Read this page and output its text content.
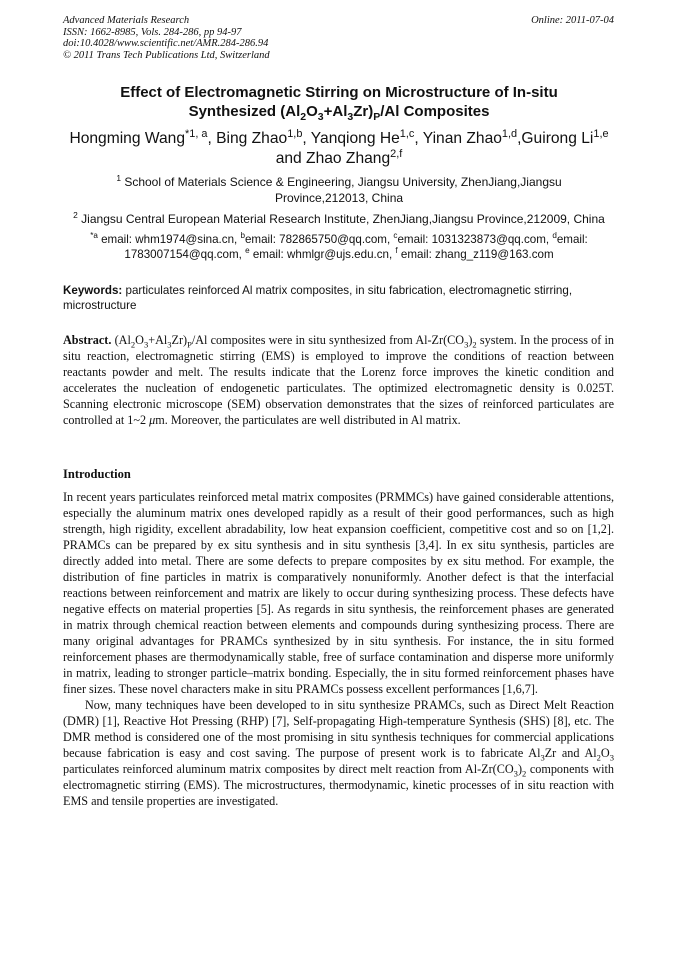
Advanced Materials Research
ISSN: 1662-8985, Vols. 284-286, pp 94-97
doi:10.4028/www.scientific.net/AMR.284-286.94
© 2011 Trans Tech Publications Ltd, Switzerland
Online: 2011-07-04
Effect of Electromagnetic Stirring on Microstructure of In-situ
Synthesized $(Al_2O_3+Al_3Zr)_P/Al$ Composites
Hongming Wang$^{*1, a}$, Bing Zhao$^{1,b}$, Yanqiong He$^{1,c}$, Yinan Zhao$^{1,d}$,Guirong Li$^{1,e}$
and Zhao Zhang$^{2,f}$
$^1$ School of Materials Science & Engineering, Jiangsu University, ZhenJiang,Jiangsu
Province,212013, China
$^2$ Jiangsu Central European Material Research Institute, ZhenJiang,Jiangsu Province,212009, China
$^{*a}$ email: whm1974@sina.cn, $^b$email: 782865750@qq.com, $^c$email: 1031323873@qq.com, $^d$email:
1783007154@qq.com, $^e$ email: whmlgr@ujs.edu.cn, $^f$ email: zhang_z119@163.com
Keywords: particulates reinforced Al matrix composites, in situ fabrication, electromagnetic stirring, microstructure
Abstract. $(Al_2O_3+Al_3Zr)_P/Al$ composites were in situ synthesized from $Al-Zr(CO_3)_2$ system. In the process of in situ reaction, electromagnetic stirring (EMS) is employed to improve the conditions of reaction between reactants powder and melt. The results indicate that the Lorenz force improves the kinetic condition and accelerates the nucleation of endogenetic particulates. The optimized electromagnetic density is 0.025T. Scanning electronic microscope (SEM) observation demonstrates that the sizes of reinforced particulates are controlled at 1~2 μm. Moreover, the particulates are well distributed in Al matrix.
Introduction

In recent years particulates reinforced metal matrix composites (PRMMCs) have gained considerable attentions, especially the aluminum matrix ones developed rapidly as a result of their good performances, such as high strength, high rigidity, excellent abradability, low heat expansion coefficient, competitive cost and so on [1,2]. PRAMCs can be prepared by ex situ synthesis and in situ synthesis [3,4]. In ex situ synthesis, particles are directly added into metal. There are some defects to prepare composites by ex situ method. For example, the distribution of fine particles in matrix is comparatively nonuniformly. Another defect is that the interfacial reactions between reinforcement and matrix are likely to occur during synthesizing process. These defects have negative effects on material properties [5]. As regards in situ synthesis, the reinforcement phases are generated in matrix through chemical reaction between elements and compounds during synthesizing process. There are many original advantages for PRAMCs synthesized by in situ synthesis. For instance, the in situ formed reinforcement phases are thermodynamically stable, free of surface contamination and disperse more uniformly in matrix, leading to stronger particle–matrix bonding. Especially, the in situ formed reinforcement phases have finer sizes. These novel characters make in situ PRAMCs possess excellent performances [1,6,7].

Now, many techniques have been developed to in situ synthesize PRAMCs, such as Direct Melt Reaction (DMR) [1], Reactive Hot Pressing (RHP) [7], Self-propagating High-temperature Synthesis (SHS) [8], etc. The DMR method is considered one of the most promising in situ synthesis techniques for commercial applications because fabrication is easy and cost saving. The purpose of present work is to fabricate $Al_3Zr$ and $Al_2O_3$ particulates reinforced aluminum matrix composites by direct melt reaction from $Al-Zr(CO_3)_2$ components with electromagnetic stirring (EMS). The microstructures, thermodynamic, kinetic processes of in situ reaction with EMS and tensile properties are investigated.
